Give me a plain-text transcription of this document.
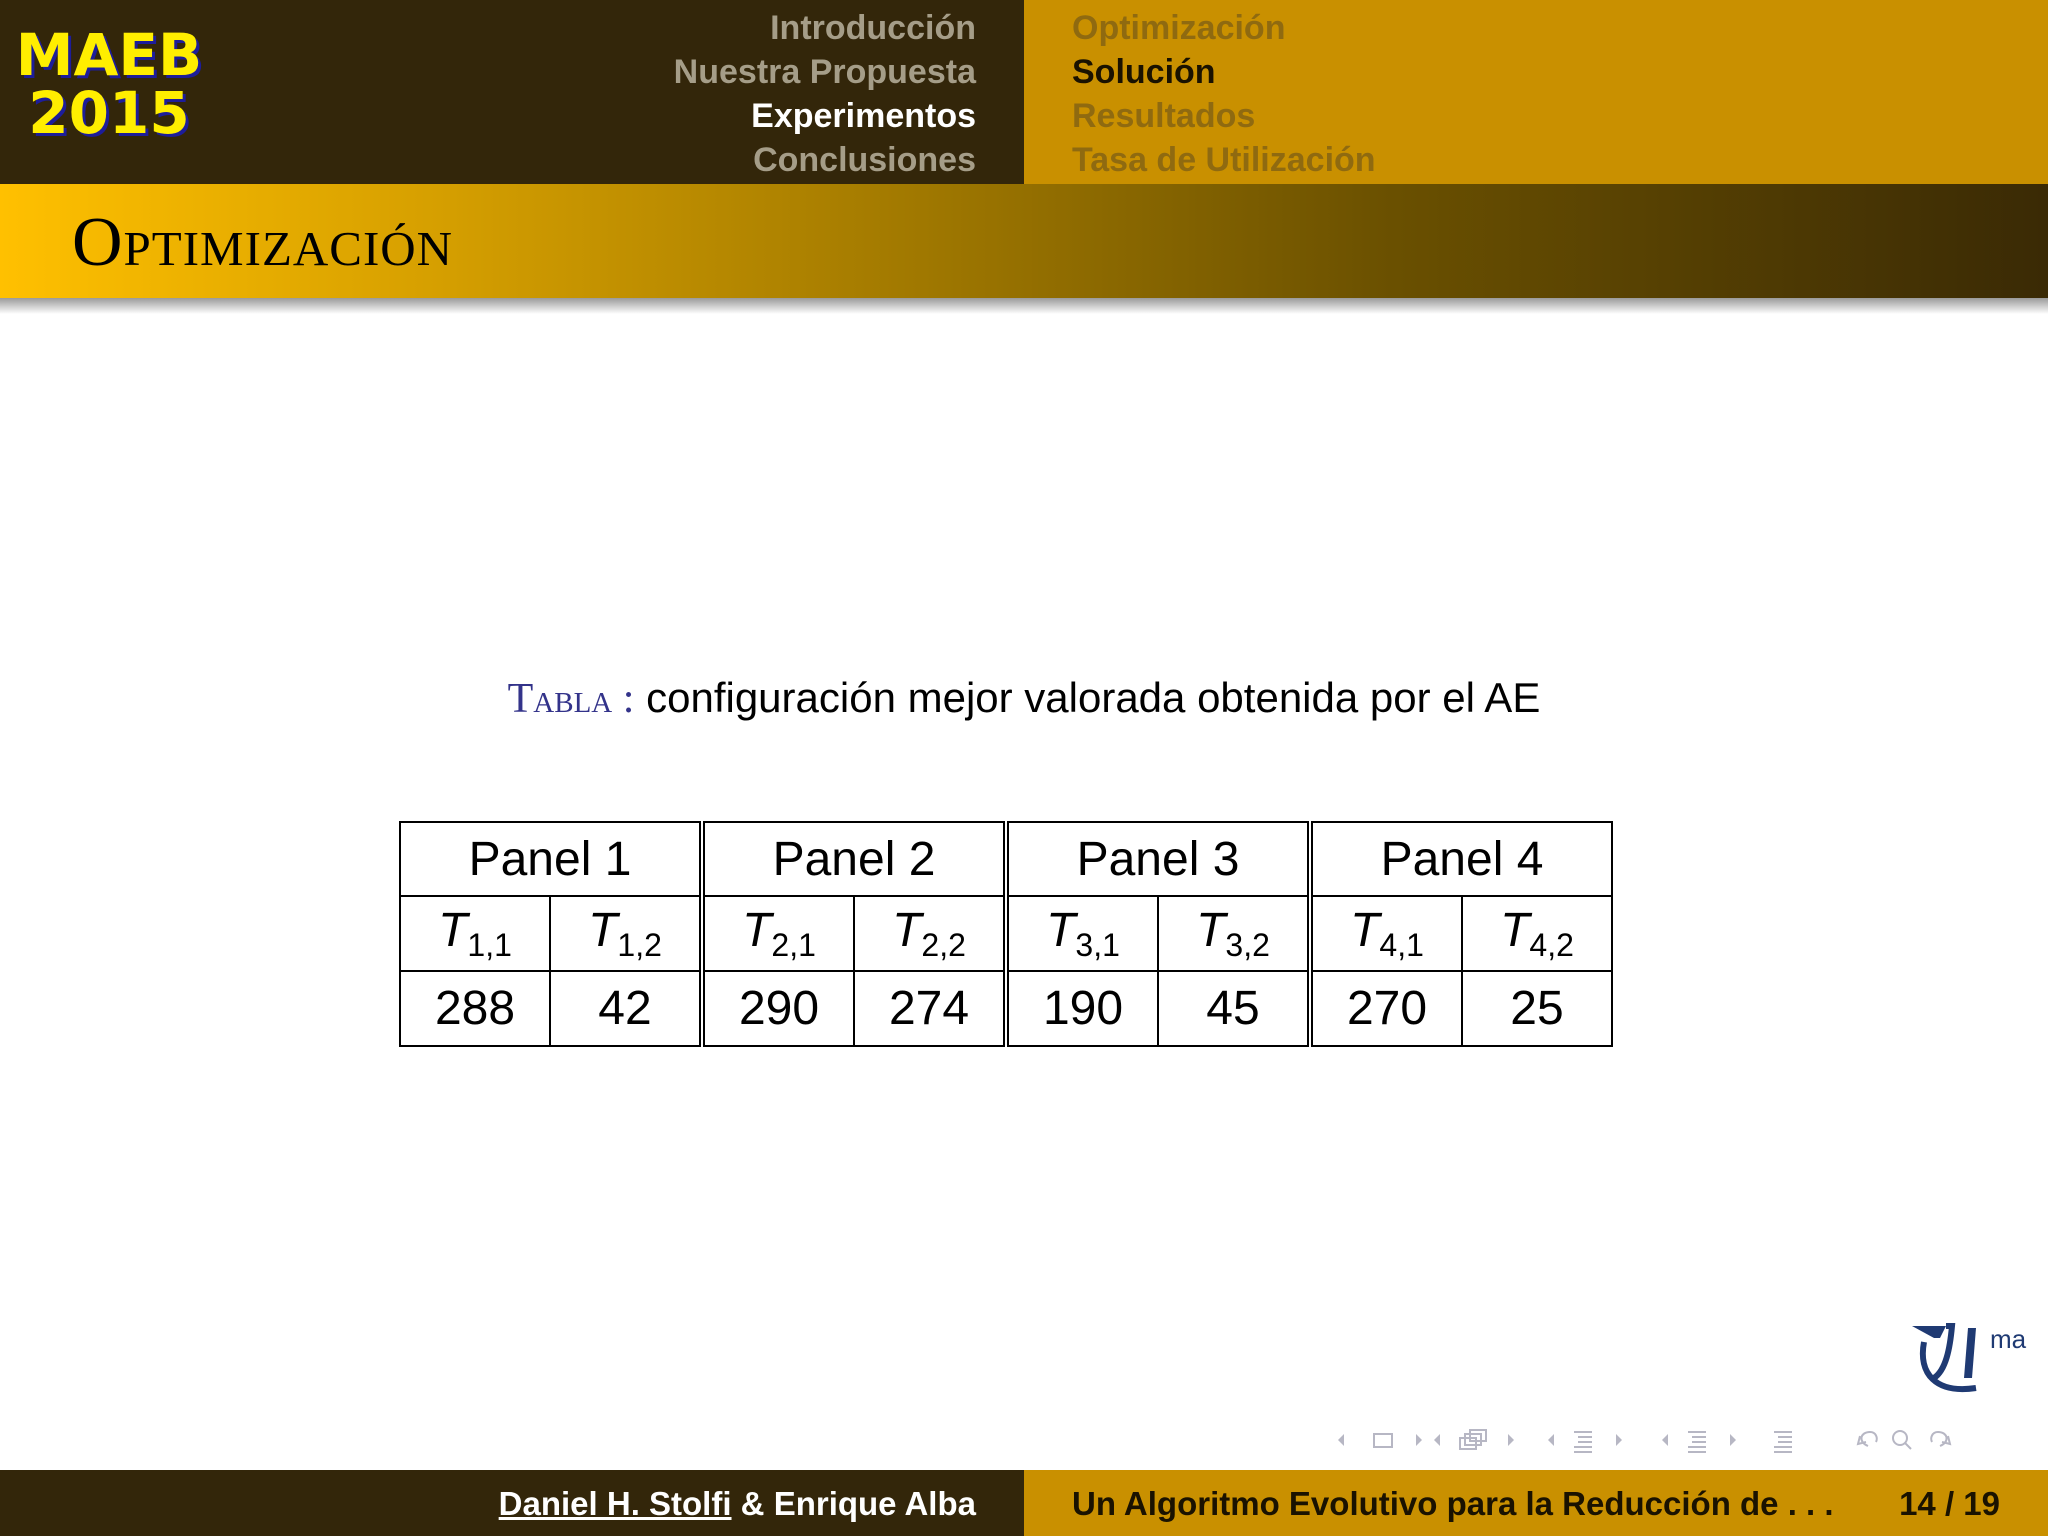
MAEB
2015
Introducción
Nuestra Propuesta
Experimentos
Conclusiones
Optimización
Solución
Resultados
Tasa de Utilización
Optimización
Tabla : configuración mejor valorada obtenida por el AE
Panel 1		Panel 2		Panel 3		Panel 4	
$T_{1,1}$	$T_{1,2}$	$T_{2,1}$	$T_{2,2}$	$T_{3,1}$	$T_{3,2}$	$T_{4,1}$	$T_{4,2}$
288	42	290	274	190	45	270	25
ma
Daniel H. Stolfi & Enrique Alba	Un Algoritmo Evolutivo para la Reducción de . . . 14 / 19
